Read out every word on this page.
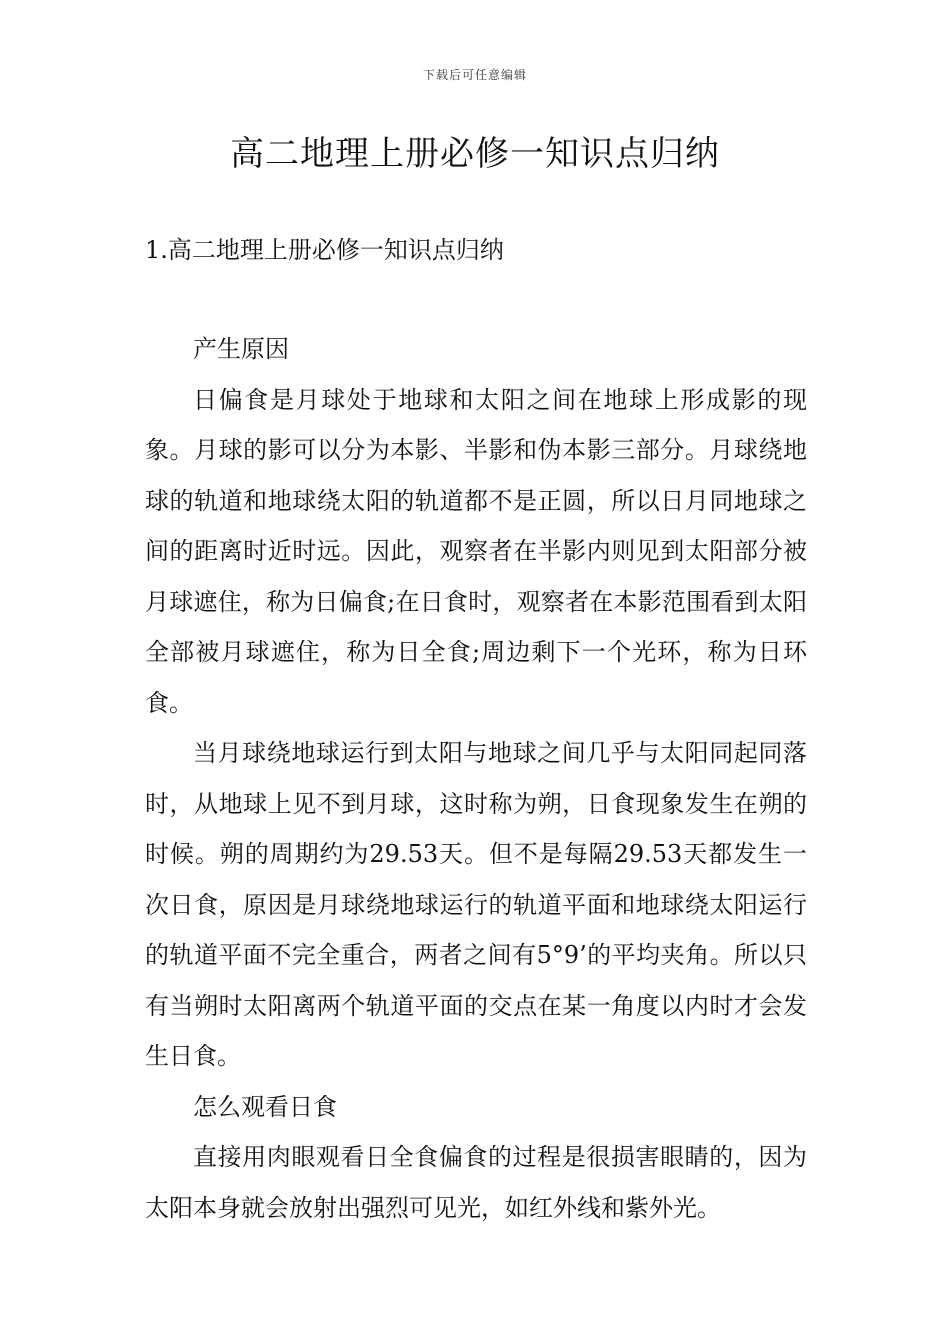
下载后可任意编辑
高二地理上册必修一知识点归纳
1.高二地理上册必修一知识点归纳

产生原因

日偏食是月球处于地球和太阳之间在地球上形成影的现象。月球的影可以分为本影、半影和伪本影三部分。月球绕地球的轨道和地球绕太阳的轨道都不是正圆，所以日月同地球之间的距离时近时远。因此，观察者在半影内则见到太阳部分被月球遮住，称为日偏食;在日食时，观察者在本影范围看到太阳全部被月球遮住，称为日全食;周边剩下一个光环，称为日环食。

当月球绕地球运行到太阳与地球之间几乎与太阳同起同落时，从地球上见不到月球，这时称为朔，日食现象发生在朔的时候。朔的周期约为29.53天。但不是每隔29.53天都发生一次日食，原因是月球绕地球运行的轨道平面和地球绕太阳运行的轨道平面不完全重合，两者之间有5°9’的平均夹角。所以只有当朔时太阳离两个轨道平面的交点在某一角度以内时才会发生日食。

怎么观看日食

直接用肉眼观看日全食偏食的过程是很损害眼睛的，因为太阳本身就会放射出强烈可见光，如红外线和紫外光。
